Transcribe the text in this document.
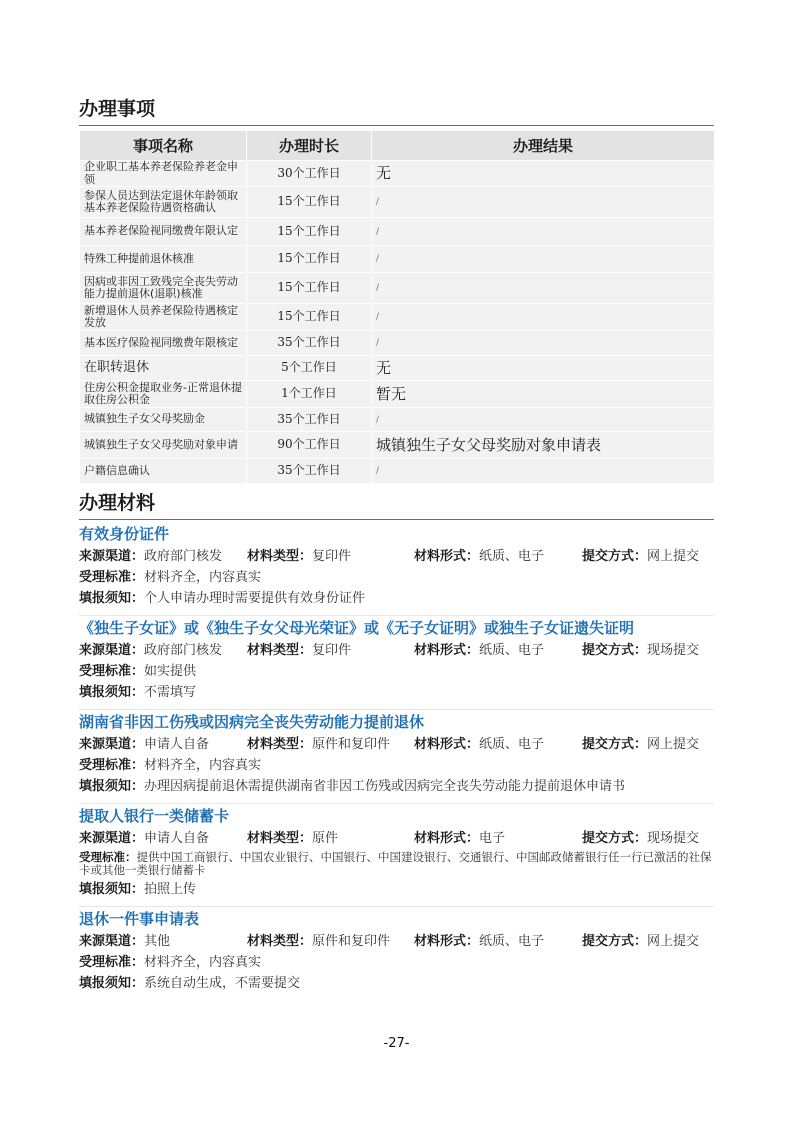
办理事项
事项名称	办理时长	办理结果
企业职工基本养老保险养老金申领	30个工作日	无
参保人员达到法定退休年龄领取基本养老保险待遇资格确认	15个工作日	/
基本养老保险视同缴费年限认定	15个工作日	/
特殊工种提前退休核准	15个工作日	/
因病或非因工致残完全丧失劳动能力提前退休(退职)核准	15个工作日	/
新增退休人员养老保险待遇核定发放	15个工作日	/
基本医疗保险视同缴费年限核定	35个工作日	/
在职转退休	5个工作日	无
住房公积金提取业务-正常退休提取住房公积金	1个工作日	暂无
城镇独生子女父母奖励金	35个工作日	/
城镇独生子女父母奖励对象申请	90个工作日	城镇独生子女父母奖励对象申请表
户籍信息确认	35个工作日	/
办理材料
有效身份证件
来源渠道：政府部门核发	材料类型：复印件	材料形式：纸质、电子	提交方式：网上提交
受理标准：材料齐全，内容真实
填报须知：个人申请办理时需要提供有效身份证件
《独生子女证》或《独生子女父母光荣证》或《无子女证明》或独生子女证遗失证明
来源渠道：政府部门核发	材料类型：复印件	材料形式：纸质、电子	提交方式：现场提交
受理标准：如实提供
填报须知：不需填写
湖南省非因工伤残或因病完全丧失劳动能力提前退休
来源渠道：申请人自备	材料类型：原件和复印件	材料形式：纸质、电子	提交方式：网上提交
受理标准：材料齐全，内容真实
填报须知：办理因病提前退休需提供湖南省非因工伤残或因病完全丧失劳动能力提前退休申请书
提取人银行一类储蓄卡
来源渠道：申请人自备	材料类型：原件	材料形式：电子	提交方式：现场提交
受理标准：提供中国工商银行、中国农业银行、中国银行、中国建设银行、交通银行、中国邮政储蓄银行任一行已激活的社保卡或其他一类银行储蓄卡
填报须知：拍照上传
退休一件事申请表
来源渠道：其他	材料类型：原件和复印件	材料形式：纸质、电子	提交方式：网上提交
受理标准：材料齐全，内容真实
填报须知：系统自动生成，不需要提交
-27-
